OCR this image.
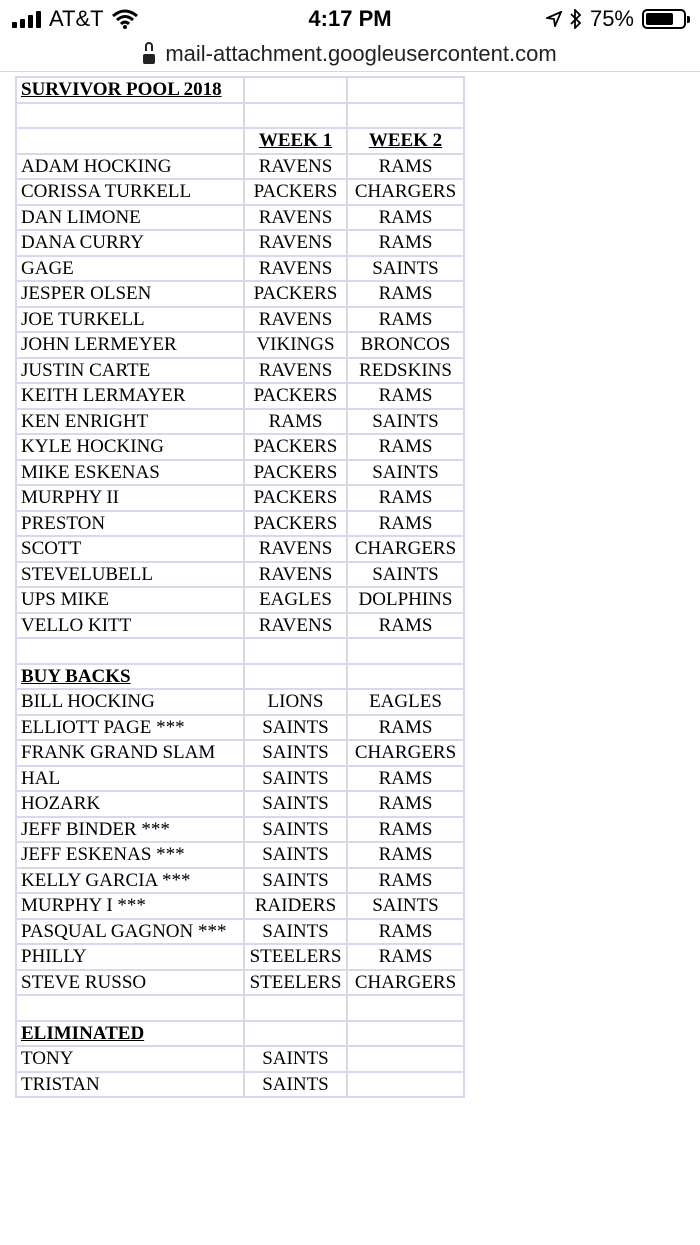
AT&T	4:17 PM	75%
mail-attachment.googleusercontent.com
SURVIVOR POOL 2018		

	WEEK 1	WEEK 2
ADAM HOCKING	RAVENS	RAMS
CORISSA TURKELL	PACKERS	CHARGERS
DAN LIMONE	RAVENS	RAMS
DANA CURRY	RAVENS	RAMS
GAGE	RAVENS	SAINTS
JESPER OLSEN	PACKERS	RAMS
JOE TURKELL	RAVENS	RAMS
JOHN LERMEYER	VIKINGS	BRONCOS
JUSTIN CARTE	RAVENS	REDSKINS
KEITH LERMAYER	PACKERS	RAMS
KEN ENRIGHT	RAMS	SAINTS
KYLE HOCKING	PACKERS	RAMS
MIKE ESKENAS	PACKERS	SAINTS
MURPHY II	PACKERS	RAMS
PRESTON	PACKERS	RAMS
SCOTT	RAVENS	CHARGERS
STEVELUBELL	RAVENS	SAINTS
UPS MIKE	EAGLES	DOLPHINS
VELLO KITT	RAVENS	RAMS

BUY BACKS		
BILL HOCKING	LIONS	EAGLES
ELLIOTT PAGE ***	SAINTS	RAMS
FRANK GRAND SLAM	SAINTS	CHARGERS
HAL	SAINTS	RAMS
HOZARK	SAINTS	RAMS
JEFF BINDER ***	SAINTS	RAMS
JEFF ESKENAS ***	SAINTS	RAMS
KELLY GARCIA ***	SAINTS	RAMS
MURPHY I ***	RAIDERS	SAINTS
PASQUAL GAGNON ***	SAINTS	RAMS
PHILLY	STEELERS	RAMS
STEVE RUSSO	STEELERS	CHARGERS

ELIMINATED		
TONY	SAINTS	
TRISTAN	SAINTS	
